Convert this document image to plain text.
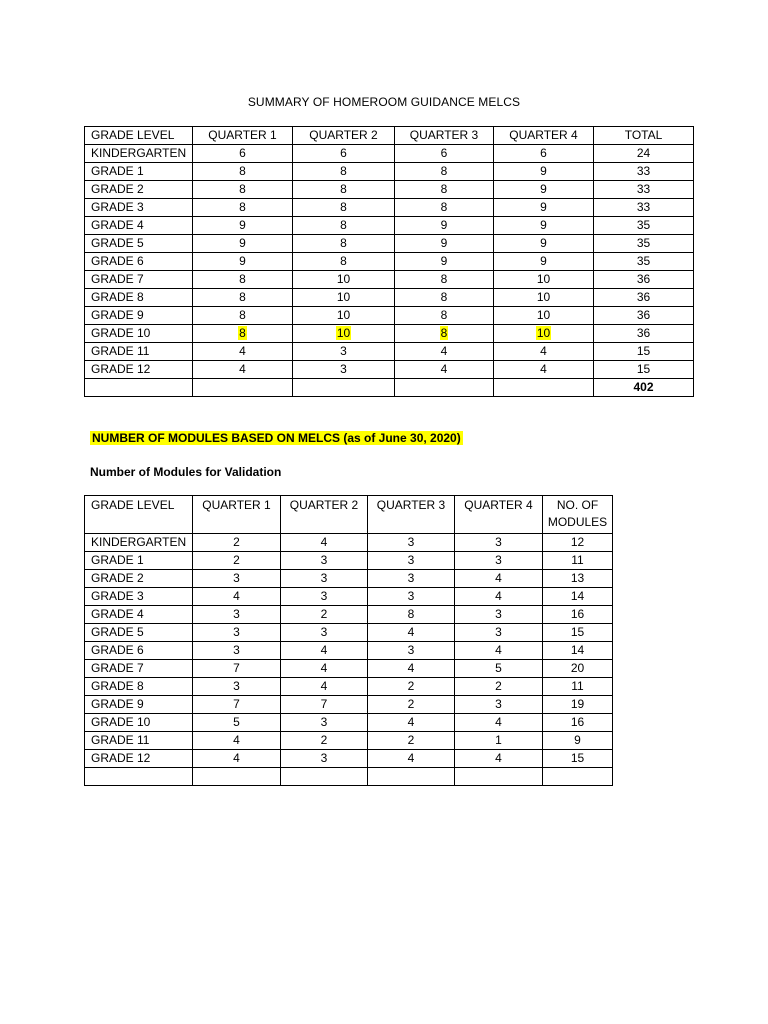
SUMMARY OF HOMEROOM GUIDANCE MELCS
GRADE LEVEL	QUARTER 1	QUARTER 2	QUARTER 3	QUARTER 4	TOTAL
KINDERGARTEN	6	6	6	6	24
GRADE 1	8	8	8	9	33
GRADE 2	8	8	8	9	33
GRADE 3	8	8	8	9	33
GRADE 4	9	8	9	9	35
GRADE 5	9	8	9	9	35
GRADE 6	9	8	9	9	35
GRADE 7	8	10	8	10	36
GRADE 8	8	10	8	10	36
GRADE 9	8	10	8	10	36
GRADE 10	8	10	8	10	36
GRADE 11	4	3	4	4	15
GRADE 12	4	3	4	4	15
					402
NUMBER OF MODULES BASED ON MELCS (as of June 30, 2020)
Number of Modules for Validation
GRADE LEVEL	QUARTER 1	QUARTER 2	QUARTER 3	QUARTER 4	NO. OF MODULES
KINDERGARTEN	2	4	3	3	12
GRADE 1	2	3	3	3	11
GRADE 2	3	3	3	4	13
GRADE 3	4	3	3	4	14
GRADE 4	3	2	8	3	16
GRADE 5	3	3	4	3	15
GRADE 6	3	4	3	4	14
GRADE 7	7	4	4	5	20
GRADE 8	3	4	2	2	11
GRADE 9	7	7	2	3	19
GRADE 10	5	3	4	4	16
GRADE 11	4	2	2	1	9
GRADE 12	4	3	4	4	15
